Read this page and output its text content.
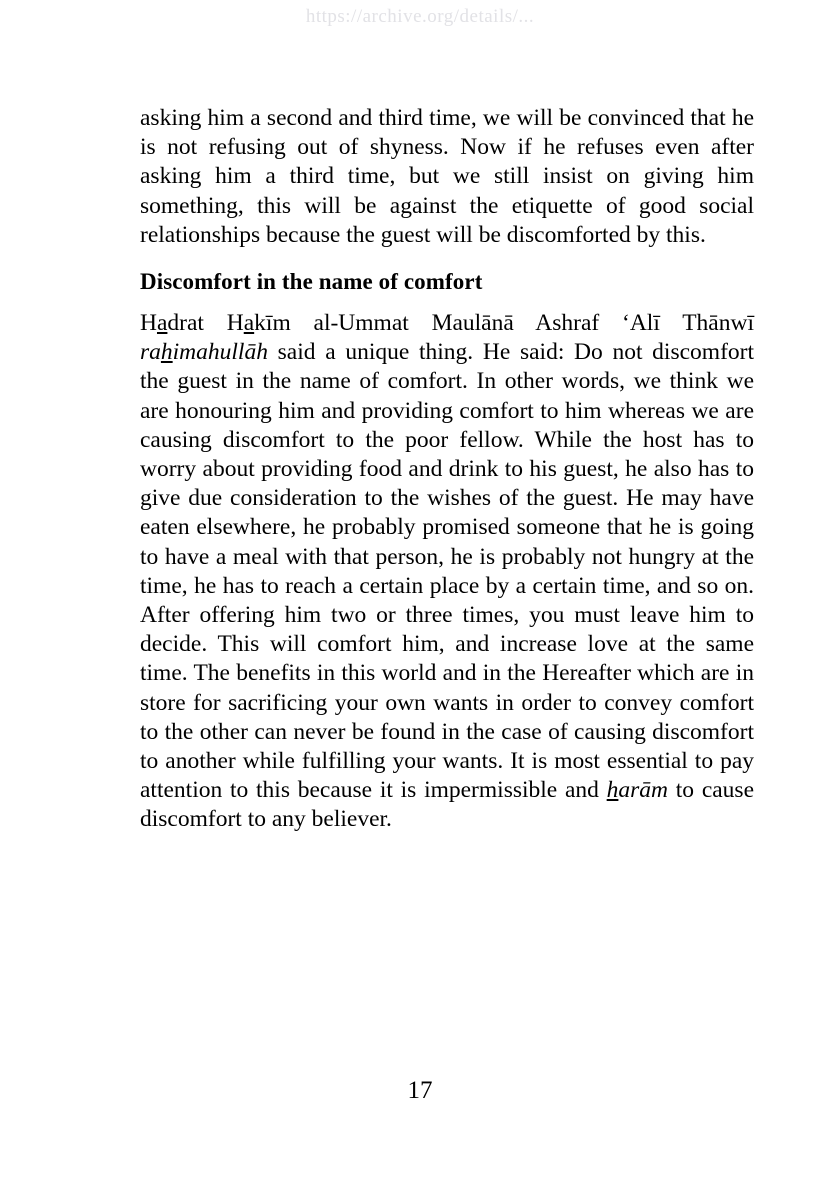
https://archive.org/details/...

asking him a second and third time, we will be convinced that he is not refusing out of shyness. Now if he refuses even after asking him a third time, but we still insist on giving him something, this will be against the etiquette of good social relationships because the guest will be discomforted by this.

Discomfort in the name of comfort

Hadrat Hakīm al-Ummat Maulānā Ashraf ‘Alī Thānwī rahimahullāh said a unique thing. He said: Do not discomfort the guest in the name of comfort. In other words, we think we are honouring him and providing comfort to him whereas we are causing discomfort to the poor fellow. While the host has to worry about providing food and drink to his guest, he also has to give due consideration to the wishes of the guest. He may have eaten elsewhere, he probably promised someone that he is going to have a meal with that person, he is probably not hungry at the time, he has to reach a certain place by a certain time, and so on. After offering him two or three times, you must leave him to decide. This will comfort him, and increase love at the same time. The benefits in this world and in the Hereafter which are in store for sacrificing your own wants in order to convey comfort to the other can never be found in the case of causing discomfort to another while fulfilling your wants. It is most essential to pay attention to this because it is impermissible and harām to cause discomfort to any believer.

17
